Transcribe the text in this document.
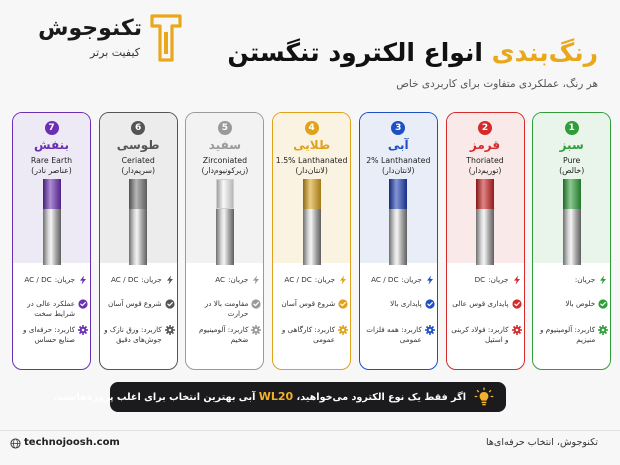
تکنوجوش
کیفیت برتر	رنگ‌بندی انواع الکترود تنگستن
هر رنگ، عملکردی متفاوت برای کاربردی خاص
7
بنفش
Rare Earth
(عناصر نادر)
جریان:AC / DC
عملکرد عالی در شرایط سخت
کاربرد: حرفه‌ای و صنایع حساس
6
طوسی
Ceriated
(سریم‌دار)
جریان:AC / DC
شروع قوس آسان
کاربرد: ورق نازک و جوش‌های دقیق
5
سفید
Zirconiated
(زیرکونیوم‌دار)
جریان:AC
مقاومت بالا در حرارت
کاربرد: آلومینیوم ضخیم
4
طلایی
1.5% Lanthanated
(لانتان‌دار)
جریان:AC / DC
شروع قوس آسان
کاربرد: کارگاهی و عمومی
3
آبی
2% Lanthanated
(لانتان‌دار)
جریان:AC / DC
پایداری بالا
کاربرد: همه فلزات عمومی
2
قرمز
Thoriated
(توریم‌دار)
جریان:DC
پایداری قوس عالی
کاربرد: فولاد کربنی و استیل
1
سبز
Pure
(خالص)
جریان:
خلوص بالا
کاربرد: آلومینیوم و منیزیم
اگر فقط یک نوع الکترود می‌خواهید، WL20 آبی بهترین انتخاب برای اغلب پروژه‌هاست.
technojoosh.com	تکنوجوش، انتخاب حرفه‌ای‌ها
